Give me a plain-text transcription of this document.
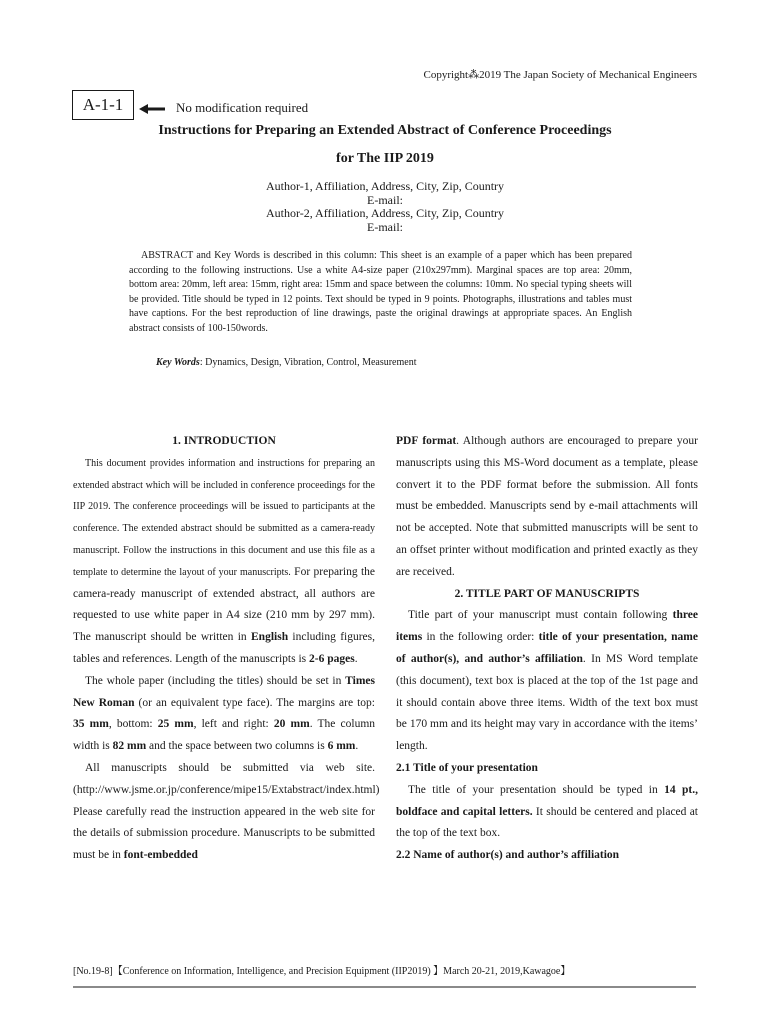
Copyright⁂2019 The Japan Society of Mechanical Engineers
A-1-1	No modification required
Instructions for Preparing an Extended Abstract of Conference Proceedings
for The IIP 2019
Author-1, Affiliation, Address, City, Zip, Country
E-mail:
Author-2, Affiliation, Address, City, Zip, Country
E-mail:
ABSTRACT and Key Words is described in this column: This sheet is an example of a paper which has been prepared according to the following instructions. Use a white A4-size paper (210x297mm). Marginal spaces are top area: 20mm, bottom area: 20mm, left area: 15mm, right area: 15mm and space between the columns: 10mm. No special typing sheets will be provided. Title should be typed in 12 points. Text should be typed in 9 points. Photographs, illustrations and tables must have captions. For the best reproduction of line drawings, paste the original drawings at appropriate spaces. An English abstract consists of 100-150words.
Key Words: Dynamics, Design, Vibration, Control, Measurement
1. INTRODUCTION

This document provides information and instructions for preparing an extended abstract which will be included in conference proceedings for the IIP 2019. The conference proceedings will be issued to participants at the conference. The extended abstract should be submitted as a camera-ready manuscript. Follow the instructions in this document and use this file as a template to determine the layout of your manuscripts. For preparing the camera-ready manuscript of extended abstract, all authors are requested to use white paper in A4 size (210 mm by 297 mm). The manuscript should be written in English including figures, tables and references. Length of the manuscripts is 2-6 pages.

The whole paper (including the titles) should be set in Times New Roman (or an equivalent type face). The margins are top: 35 mm, bottom: 25 mm, left and right: 20 mm. The column width is 82 mm and the space between two columns is 6 mm.

All manuscripts should be submitted via web site. (http://www.jsme.or.jp/conference/mipe15/Extabstract/index.html) Please carefully read the instruction appeared in the web site for the details of submission procedure. Manuscripts to be submitted must be in font-embedded

PDF format. Although authors are encouraged to prepare your manuscripts using this MS-Word document as a template, please convert it to the PDF format before the submission. All fonts must be embedded. Manuscripts send by e-mail attachments will not be accepted. Note that submitted manuscripts will be sent to an offset printer without modification and printed exactly as they are received.

2. TITLE PART OF MANUSCRIPTS

Title part of your manuscript must contain following three items in the following order: title of your presentation, name of author(s), and author’s affiliation. In MS Word template (this document), text box is placed at the top of the 1st page and it should contain above three items. Width of the text box must be 170 mm and its height may vary in accordance with the items’ length.

2.1 Title of your presentation

The title of your presentation should be typed in 14 pt., boldface and capital letters. It should be centered and placed at the top of the text box.

2.2 Name of author(s) and author’s affiliation
[No.19-8]【Conference on Information, Intelligence, and Precision Equipment (IIP2019) 】March 20-21, 2019,Kawagoe】
